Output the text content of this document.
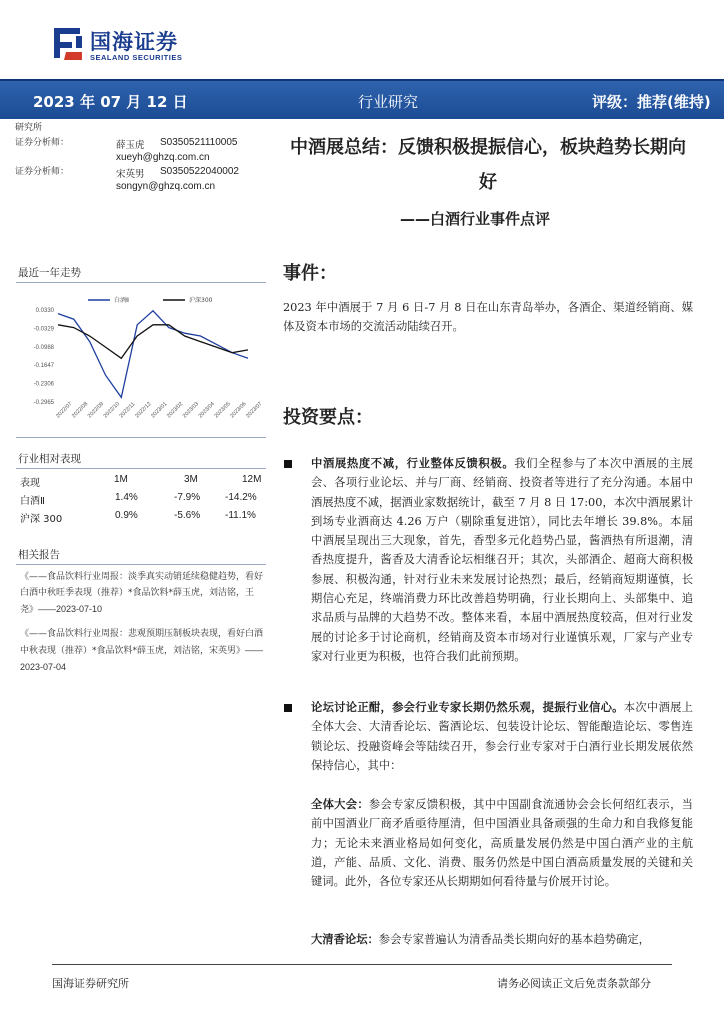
国海证券
SEALAND SECURITIES
2023 年 07 月 12 日	行业研究	评级：推荐(维持)
研究所
证券分析师：	薛玉虎 S0350521110005
xueyh@ghzq.com.cn
证券分析师：	宋英男 S0350522040002
songyn@ghzq.com.cn
最近一年走势
0.0330
-0.0329
-0.0988
-0.1647
-0.2306
-0.2965 2022/07
2022/08
2022/09
2022/10
2022/11
2022/12
2023/01
2023/02
2023/03
2023/04
2023/05
2023/06
2023/07
白酒Ⅱ	沪深300
行业相对表现
表现	1M	3M	12M
白酒Ⅱ	1.4%	-7.9% -14.2%
沪深 300	0.9%	-5.6% -11.1%
相关报告
《——食品饮料行业周报：淡季真实动销延续稳健趋势，看好白酒中秋旺季表现（推荐）*食品饮料*薛玉虎，刘洁铭，王尧》——2023-07-10
《——食品饮料行业周报：悲观预期压制板块表现，看好白酒中秋表现（推荐）*食品饮料*薛玉虎，刘洁铭，宋英男》——2023-07-04
中酒展总结：反馈积极提振信心，板块趋势长期向好
——白酒行业事件点评
事件：
2023 年中酒展于 7 月 6 日-7 月 8 日在山东青岛举办，各酒企、渠道经销商、媒体及资本市场的交流活动陆续召开。
投资要点：
中酒展热度不减，行业整体反馈积极。我们全程参与了本次中酒展的主展会、各项行业论坛、并与厂商、经销商、投资者等进行了充分沟通。本届中酒展热度不减，据酒业家数据统计，截至 7 月 8 日 17:00，本次中酒展累计到场专业酒商达 4.26 万户（剔除重复进馆），同比去年增长 39.8%。本届中酒展呈现出三大现象，首先，香型多元化趋势凸显，酱酒热有所退潮，清香热度提升，酱香及大清香论坛相继召开；其次，头部酒企、超商大商积极参展、积极沟通，针对行业未来发展讨论热烈；最后，经销商短期谨慎，长期信心充足，终端消费力环比改善趋势明确，行业长期向上、头部集中、追求品质与品牌的大趋势不改。整体来看，本届中酒展热度较高，但对行业发展的讨论多于讨论商机，经销商及资本市场对行业谨慎乐观，厂家与产业专家对行业更为积极，也符合我们此前预期。
论坛讨论正酣，参会行业专家长期仍然乐观，提振行业信心。本次中酒展上全体大会、大清香论坛、酱酒论坛、包装设计论坛、智能酿造论坛、零售连锁论坛、投融资峰会等陆续召开，参会行业专家对于白酒行业长期发展依然保持信心，其中：
全体大会：参会专家反馈积极，其中中国副食流通协会会长何绍红表示，当前中国酒业厂商矛盾亟待厘清，但中国酒业具备顽强的生命力和自我修复能力；无论未来酒业格局如何变化，高质量发展仍然是中国白酒产业的主航道，产能、品质、文化、消费、服务仍然是中国白酒高质量发展的关键和关键词。此外，各位专家还从长期期如何看待量与价展开讨论。
大清香论坛：参会专家普遍认为清香品类长期向好的基本趋势确定，
国海证券研究所	请务必阅读正文后免责条款部分
